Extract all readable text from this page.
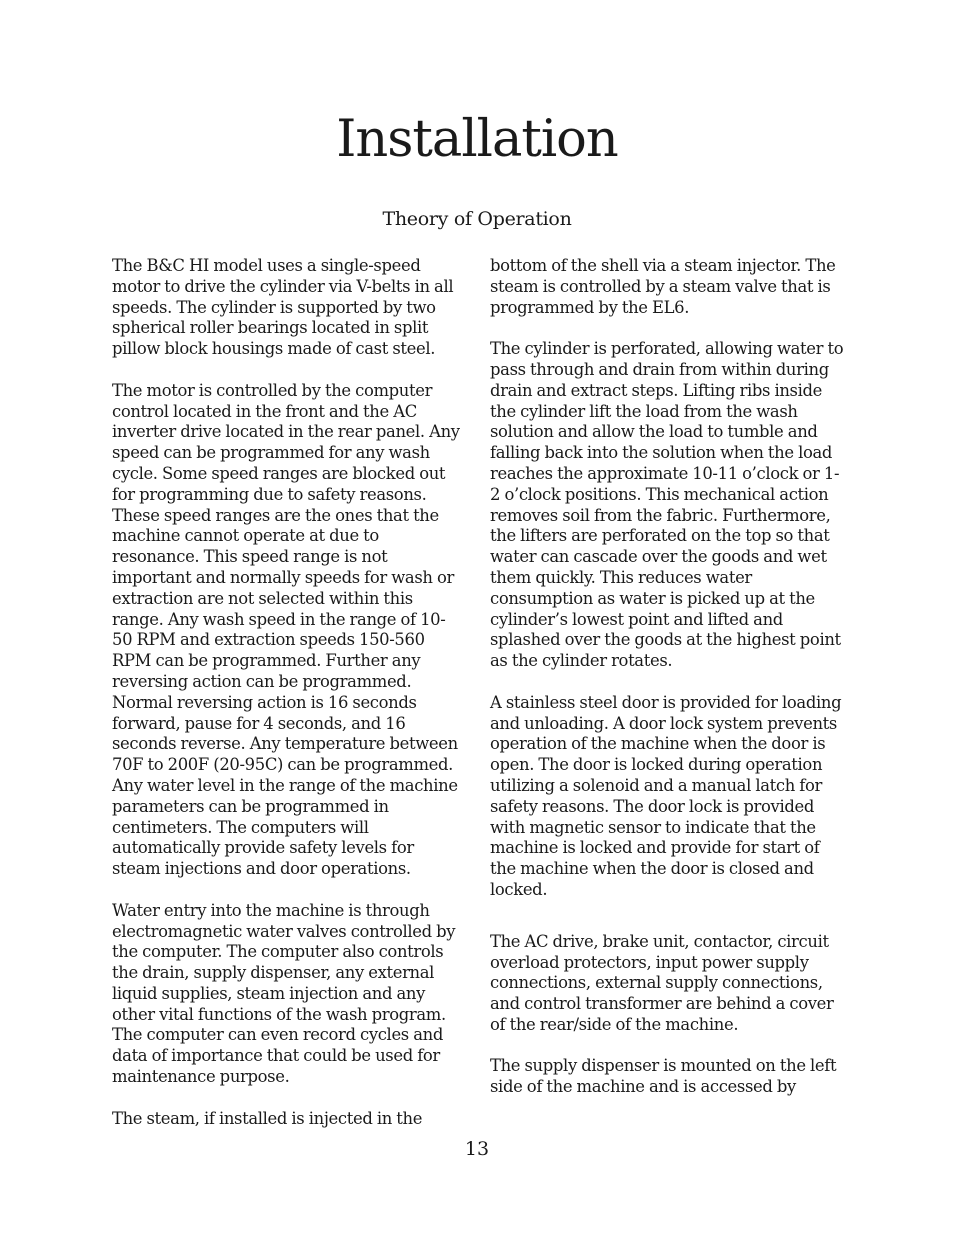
Installation
Theory of Operation

The B&C HI model uses a single-speed motor to drive the cylinder via V-belts in all speeds. The cylinder is supported by two spherical roller bearings located in split pillow block housings made of cast steel.

The motor is controlled by the computer control located in the front and the AC inverter drive located in the rear panel. Any speed can be programmed for any wash cycle. Some speed ranges are blocked out for programming due to safety reasons. These speed ranges are the ones that the machine cannot operate at due to resonance. This speed range is not important and normally speeds for wash or extraction are not selected within this range. Any wash speed in the range of 10-50 RPM and extraction speeds 150-560 RPM can be programmed. Further any reversing action can be programmed. Normal reversing action is 16 seconds forward, pause for 4 seconds, and 16 seconds reverse. Any temperature between 70F to 200F (20-95C) can be programmed. Any water level in the range of the machine parameters can be programmed in centimeters. The computers will automatically provide safety levels for steam injections and door operations.

Water entry into the machine is through electromagnetic water valves controlled by the computer. The computer also controls the drain, supply dispenser, any external liquid supplies, steam injection and any other vital functions of the wash program. The computer can even record cycles and data of importance that could be used for maintenance purpose.

The steam, if installed is injected in the

bottom of the shell via a steam injector. The steam is controlled by a steam valve that is programmed by the EL6.

The cylinder is perforated, allowing water to pass through and drain from within during drain and extract steps. Lifting ribs inside the cylinder lift the load from the wash solution and allow the load to tumble and falling back into the solution when the load reaches the approximate 10-11 o’clock or 1-2 o’clock positions. This mechanical action removes soil from the fabric. Furthermore, the lifters are perforated on the top so that water can cascade over the goods and wet them quickly. This reduces water consumption as water is picked up at the cylinder’s lowest point and lifted and splashed over the goods at the highest point as the cylinder rotates.

A stainless steel door is provided for loading and unloading. A door lock system prevents operation of the machine when the door is open. The door is locked during operation utilizing a solenoid and a manual latch for safety reasons. The door lock is provided with magnetic sensor to indicate that the machine is locked and provide for start of the machine when the door is closed and locked.

The AC drive, brake unit, contactor, circuit overload protectors, input power supply connections, external supply connections, and control transformer are behind a cover of the rear/side of the machine.

The supply dispenser is mounted on the left side of the machine and is accessed by

13
